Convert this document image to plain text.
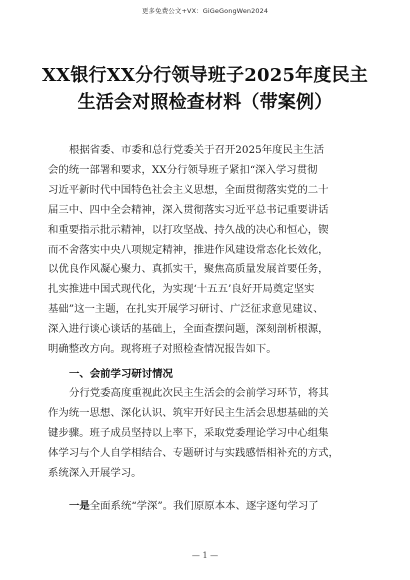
更多免费公文+VX：GiGeGongWen2024
XX银行XX分行领导班子2025年度民主
生活会对照检查材料（带案例）
根据省委、市委和总行党委关于召开2025年度民主生活
会的统一部署和要求，XX分行领导班子紧扣“深入学习贯彻
习近平新时代中国特色社会主义思想，全面贯彻落实党的二十
届三中、四中全会精神，深入贯彻落实习近平总书记重要讲话
和重要指示批示精神，以打攻坚战、持久战的决心和恒心，锲
而不舍落实中央八项规定精神，推进作风建设常态化长效化，
以优良作风凝心聚力、真抓实干，聚焦高质量发展首要任务，
扎实推进中国式现代化，为实现‘十五五’良好开局奠定坚实
基础”这一主题，在扎实开展学习研讨、广泛征求意见建议、
深入进行谈心谈话的基础上，全面查摆问题，深刻剖析根源，
明确整改方向。现将班子对照检查情况报告如下。
一、会前学习研讨情况
分行党委高度重视此次民主生活会的会前学习环节，将其
作为统一思想、深化认识、筑牢开好民主生活会思想基础的关
键步骤。班子成员坚持以上率下，采取党委理论学习中心组集
体学习与个人自学相结合、专题研讨与实践感悟相补充的方式，
系统深入开展学习。
一是全面系统“学深”。我们原原本本、逐字逐句学习了
— 1 —
